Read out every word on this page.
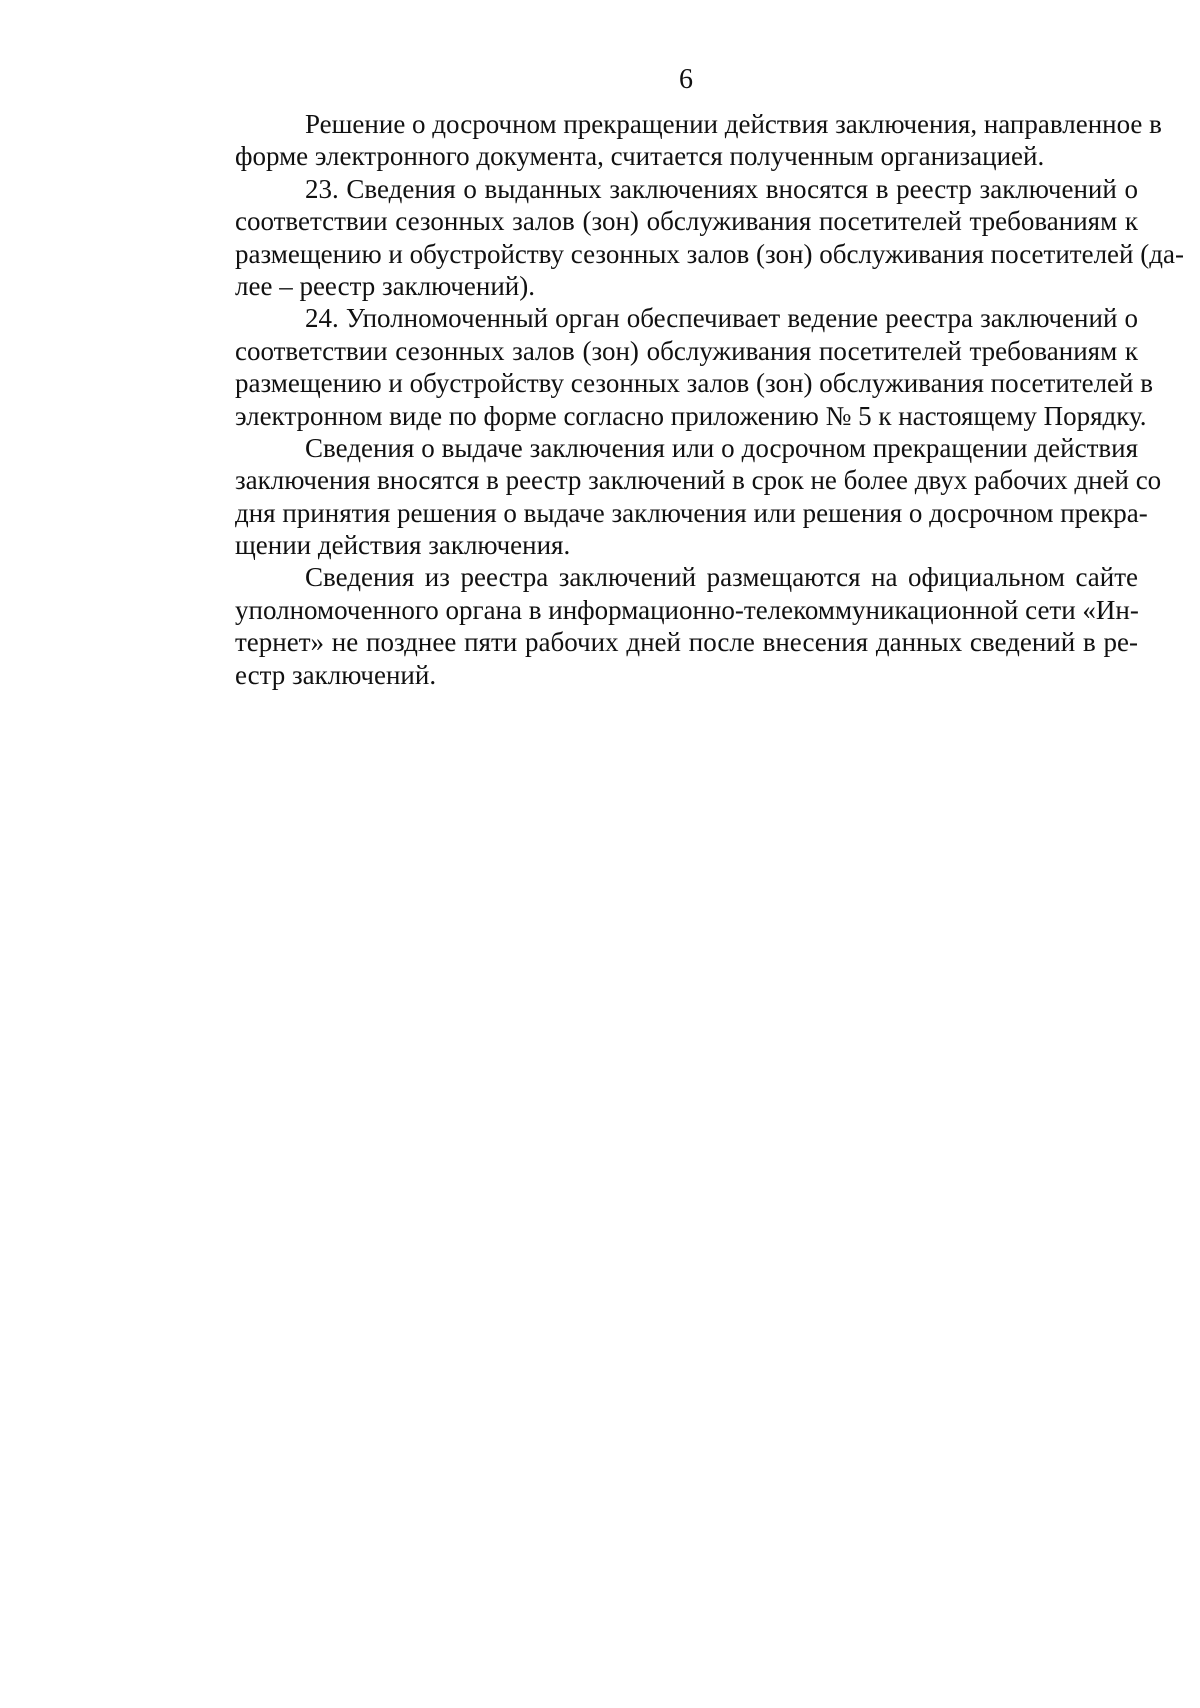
6

Решение о досрочном прекращении действия заключения, направленное в
форме электронного документа, считается полученным организацией.

23. Сведения о выданных заключениях вносятся в реестр заключений о
соответствии сезонных залов (зон) обслуживания посетителей требованиям к
размещению и обустройству сезонных залов (зон) обслуживания посетителей (да-
лее – реестр заключений).

24. Уполномоченный орган обеспечивает ведение реестра заключений о
соответствии сезонных залов (зон) обслуживания посетителей требованиям к
размещению и обустройству сезонных залов (зон) обслуживания посетителей в
электронном виде по форме согласно приложению № 5 к настоящему Порядку.

Сведения о выдаче заключения или о досрочном прекращении действия
заключения вносятся в реестр заключений в срок не более двух рабочих дней со
дня принятия решения о выдаче заключения или решения о досрочном прекра-
щении действия заключения.

Сведения из реестра заключений размещаются на официальном сайте
уполномоченного органа в информационно-телекоммуникационной сети «Ин-
тернет» не позднее пяти рабочих дней после внесения данных сведений в ре-
естр заключений.
